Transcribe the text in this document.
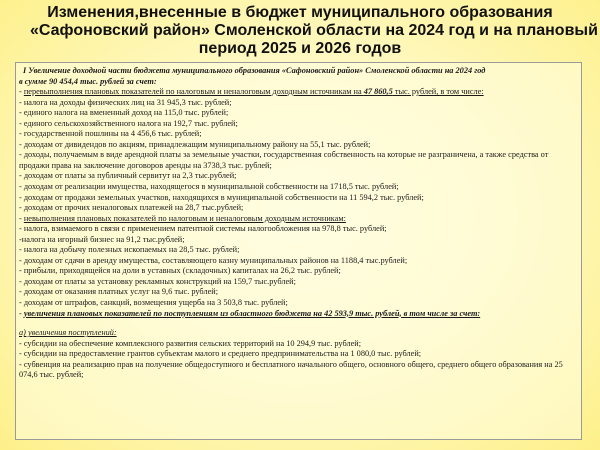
Изменения,внесенные в бюджет муниципального образования
«Сафоновский район» Смоленской области на 2024 год и на плановый
период 2025 и 2026 годов
I Увеличение доходной части бюджета муниципального образования «Сафоновский район» Смоленской области на 2024 год
в сумме 90 454,4 тыс. рублей за счет:
- перевыполнения плановых показателей по налоговым и неналоговым доходным источникам на 47 860,5 тыс. рублей, в том числе:
- налога на доходы физических лиц на 31 945,3 тыс. рублей;
- единого налога на вмененный доход на 115,0 тыс. рублей;
- единого сельскохозяйственного налога на 192,7 тыс. рублей;
- государственной пошлины на 4 456,6 тыс. рублей;
- доходам от дивидендов по акциям, принадлежащим муниципальному району на 55,1 тыс. рублей;
- доходы, получаемым в виде арендной платы за земельные участки, государственная собственность на которые не разграничена, а также средства от продажи права на заключение договоров аренды на 3738,3 тыс. рублей;
- доходам от платы за публичный сервитут на 2,3 тыс.рублей;
- доходам от реализации имущества, находящегося в муниципальной собственности на 1718,5 тыс. рублей;
- доходам от продажи земельных участков, находящихся в муниципальной собственности на 11 594,2 тыс. рублей;
- доходам от прочих неналоговых платежей на 28,7 тыс.рублей;
- невыполнения плановых показателей по налоговым и неналоговым доходным источникам:
- налога, взимаемого в связи с применением патентной системы налогообложения на 978,8 тыс. рублей;
-налога на игорный бизнес на 91,2 тыс.рублей;
- налога на добычу полезных ископаемых на 28,5 тыс. рублей;
- доходам от сдачи в аренду имущества, составляющего казну муниципальных районов на 1188,4 тыс.рублей;
- прибыли, приходящейся на доли в уставных (складочных) капиталах на 26,2 тыс. рублей;
- доходам от платы за установку рекламных конструкций на 159,7 тыс.рублей;
- доходам от оказания платных услуг на 9,6 тыс. рублей;
- доходам от штрафов, санкций, возмещения ущерба на 3 503,8 тыс. рублей;
- увеличения плановых показателей по поступлениям из областного бюджета на 42 593,9 тыс. рублей, в том числе за счет:
а) увеличения поступлений:
- субсидии на обеспечение комплексного развития сельских территорий на 10 294,9 тыс. рублей;
- субсидии на предоставление грантов субъектам малого и среднего предпринимательства на 1 080,0 тыс. рублей;
- субвенция на реализацию прав на получение общедоступного и бесплатного начального общего, основного общего, среднего общего образования на 25 074,6 тыс. рублей;
